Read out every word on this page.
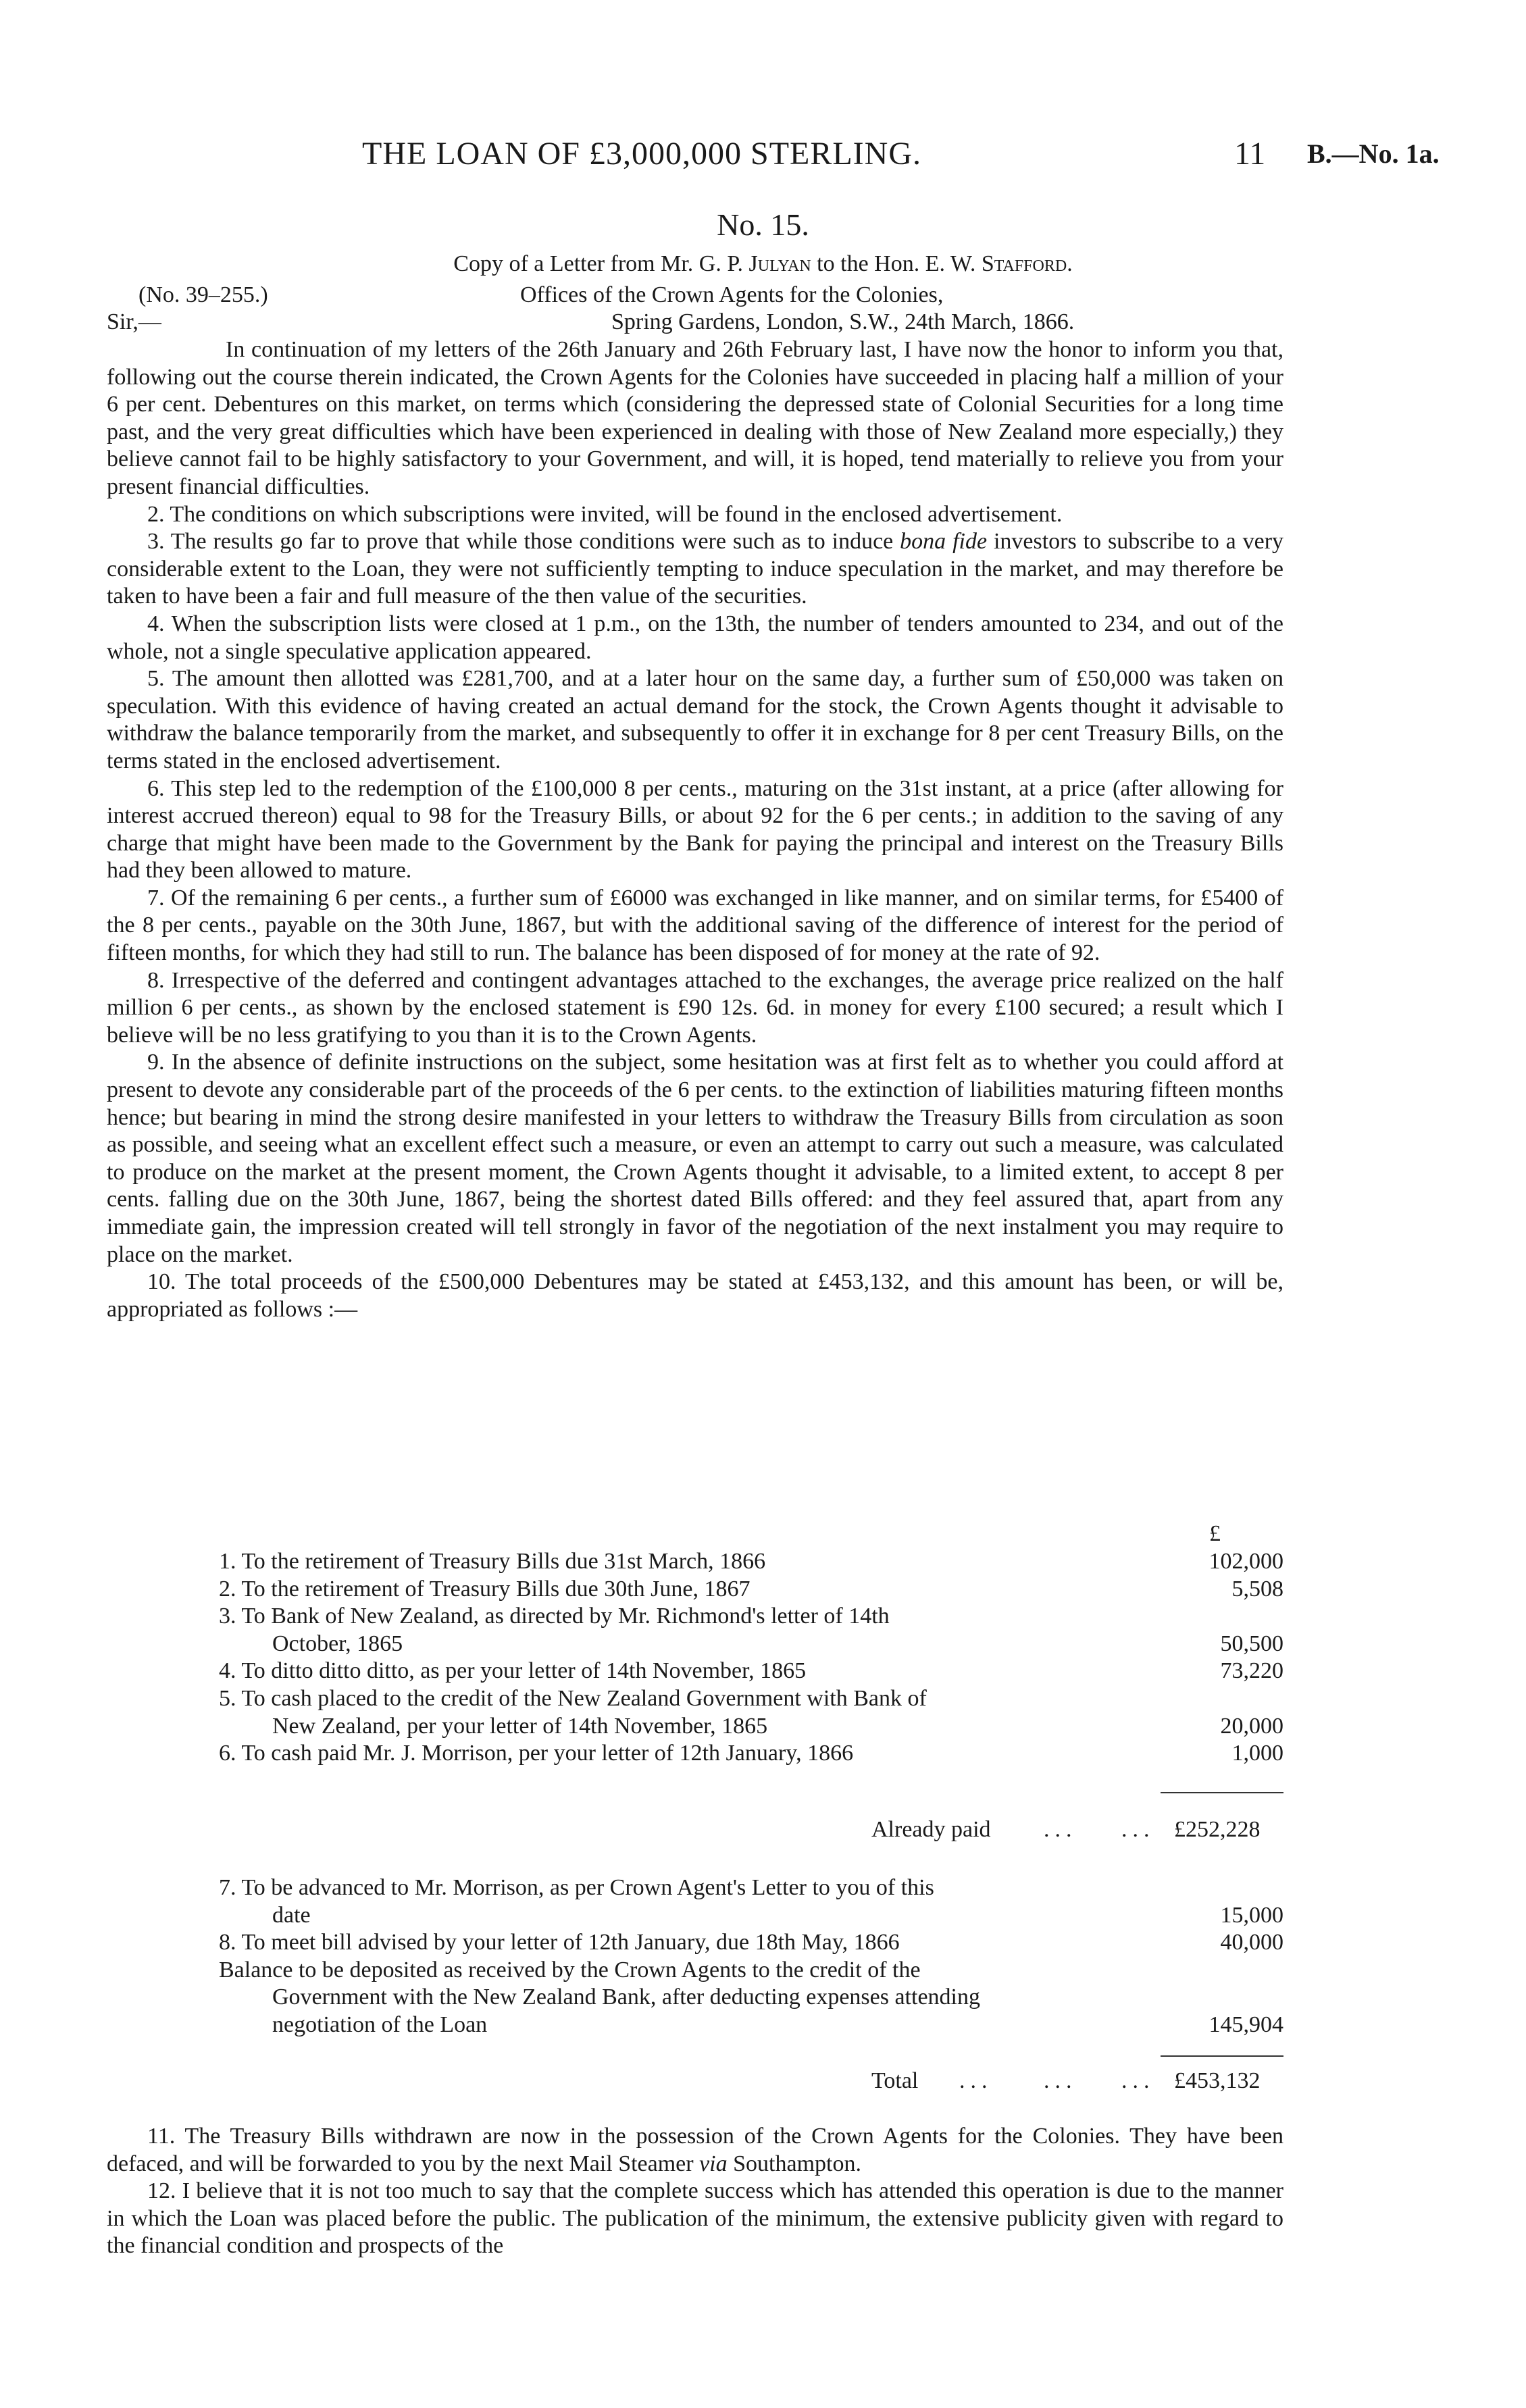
THE LOAN OF £3,000,000 STERLING.	11 B.—No. 1a.
No. 15.
Copy of a Letter from Mr. G. P. Julyan to the Hon. E. W. Stafford.
(No. 39–255.)	Offices of the Crown Agents for the Colonies,
Sir,—	Spring Gardens, London, S.W., 24th March, 1866.

In continuation of my letters of the 26th January and 26th February last, I have now the honor to inform you that, following out the course therein indicated, the Crown Agents for the Colonies have succeeded in placing half a million of your 6 per cent. Debentures on this market, on terms which (considering the depressed state of Colonial Securities for a long time past, and the very great difficulties which have been experienced in dealing with those of New Zealand more especially,) they believe cannot fail to be highly satisfactory to your Government, and will, it is hoped, tend materially to relieve you from your present financial difficulties.

2. The conditions on which subscriptions were invited, will be found in the enclosed advertisement.

3. The results go far to prove that while those conditions were such as to induce bona fide investors to subscribe to a very considerable extent to the Loan, they were not sufficiently tempting to induce speculation in the market, and may therefore be taken to have been a fair and full measure of the then value of the securities.

4. When the subscription lists were closed at 1 p.m., on the 13th, the number of tenders amounted to 234, and out of the whole, not a single speculative application appeared.

5. The amount then allotted was £281,700, and at a later hour on the same day, a further sum of £50,000 was taken on speculation. With this evidence of having created an actual demand for the stock, the Crown Agents thought it advisable to withdraw the balance temporarily from the market, and subsequently to offer it in exchange for 8 per cent Treasury Bills, on the terms stated in the enclosed advertisement.

6. This step led to the redemption of the £100,000 8 per cents., maturing on the 31st instant, at a price (after allowing for interest accrued thereon) equal to 98 for the Treasury Bills, or about 92 for the 6 per cents.; in addition to the saving of any charge that might have been made to the Government by the Bank for paying the principal and interest on the Treasury Bills had they been allowed to mature.

7. Of the remaining 6 per cents., a further sum of £6000 was exchanged in like manner, and on similar terms, for £5400 of the 8 per cents., payable on the 30th June, 1867, but with the additional saving of the difference of interest for the period of fifteen months, for which they had still to run. The balance has been disposed of for money at the rate of 92.

8. Irrespective of the deferred and contingent advantages attached to the exchanges, the average price realized on the half million 6 per cents., as shown by the enclosed statement is £90 12s. 6d. in money for every £100 secured; a result which I believe will be no less gratifying to you than it is to the Crown Agents.

9. In the absence of definite instructions on the subject, some hesitation was at first felt as to whether you could afford at present to devote any considerable part of the proceeds of the 6 per cents. to the extinction of liabilities maturing fifteen months hence; but bearing in mind the strong desire manifested in your letters to withdraw the Treasury Bills from circulation as soon as possible, and seeing what an excellent effect such a measure, or even an attempt to carry out such a measure, was calculated to produce on the market at the present moment, the Crown Agents thought it advisable, to a limited extent, to accept 8 per cents. falling due on the 30th June, 1867, being the shortest dated Bills offered: and they feel assured that, apart from any immediate gain, the impression created will tell strongly in favor of the negotiation of the next instalment you may require to place on the market.

10. The total proceeds of the £500,000 Debentures may be stated at £453,132, and this amount has been, or will be, appropriated as follows :—

£
1. To the retirement of Treasury Bills due 31st March, 1866	102,000
2. To the retirement of Treasury Bills due 30th June, 1867	5,508
3. To Bank of New Zealand, as directed by Mr. Richmond's letter of 14th
October, 1865	50,500
4. To ditto ditto ditto, as per your letter of 14th November, 1865	73,220
5. To cash placed to the credit of the New Zealand Government with Bank of
New Zealand, per your letter of 14th November, 1865	20,000
6. To cash paid Mr. J. Morrison, per your letter of 12th January, 1866	1,000
Already paid ... ... £252,228
7. To be advanced to Mr. Morrison, as per Crown Agent's Letter to you of this
date	15,000
8. To meet bill advised by your letter of 12th January, due 18th May, 1866	40,000
Balance to be deposited as received by the Crown Agents to the credit of the
Government with the New Zealand Bank, after deducting expenses attending
negotiation of the Loan	145,904
Total ... ... ... £453,132

11. The Treasury Bills withdrawn are now in the possession of the Crown Agents for the Colonies. They have been defaced, and will be forwarded to you by the next Mail Steamer via Southampton.

12. I believe that it is not too much to say that the complete success which has attended this operation is due to the manner in which the Loan was placed before the public. The publication of the minimum, the extensive publicity given with regard to the financial condition and prospects of the
